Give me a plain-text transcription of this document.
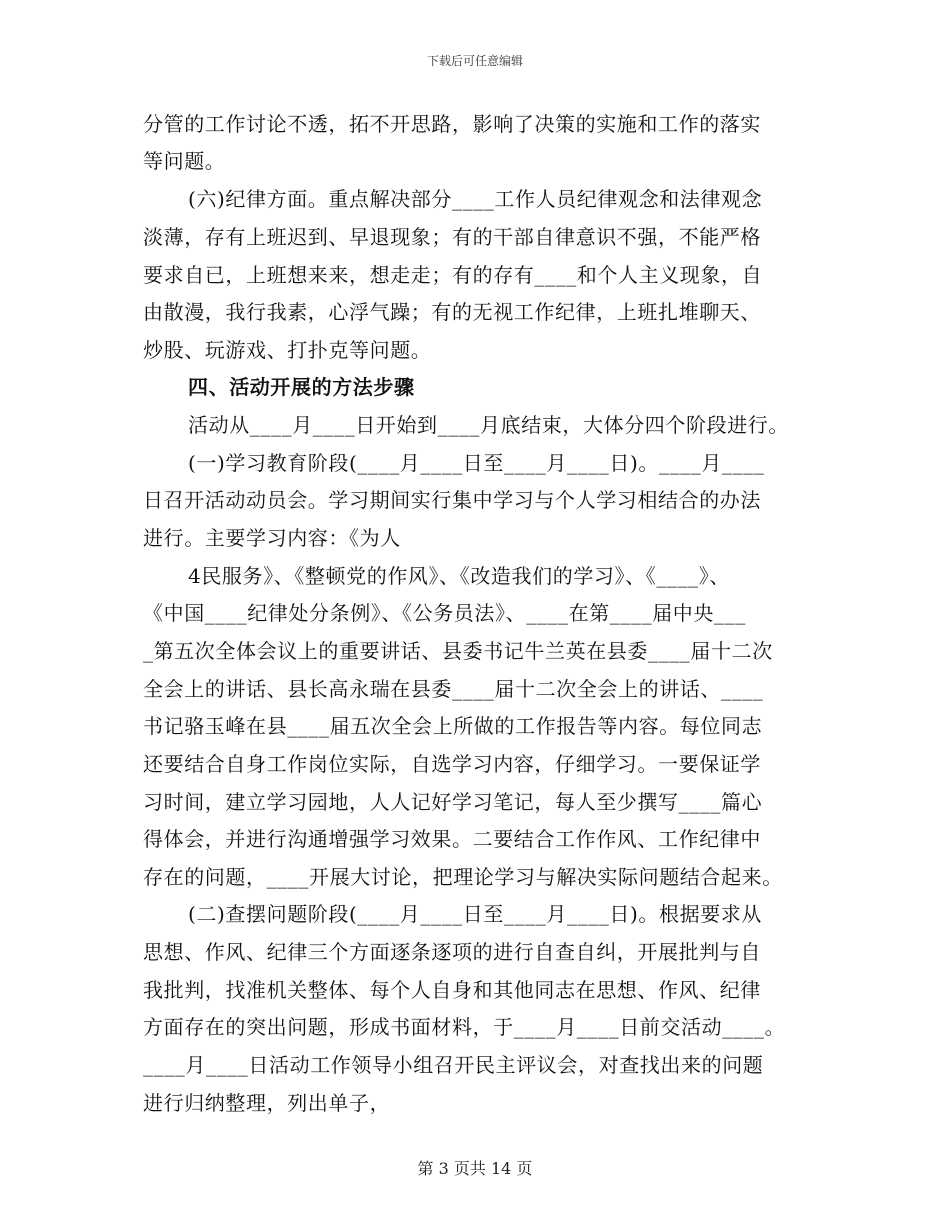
下载后可任意编辑
分管的工作讨论不透，拓不开思路，影响了决策的实施和工作的落实
等问题。
(六)纪律方面。重点解决部分____工作人员纪律观念和法律观念
淡薄，存有上班迟到、早退现象；有的干部自律意识不强，不能严格
要求自已，上班想来来，想走走；有的存有____和个人主义现象，自
由散漫，我行我素，心浮气躁；有的无视工作纪律，上班扎堆聊天、
炒股、玩游戏、打扑克等问题。
四、活动开展的方法步骤
活动从____月____日开始到____月底结束，大体分四个阶段进行。
(一)学习教育阶段(____月____日至____月____日)。____月____
日召开活动动员会。学习期间实行集中学习与个人学习相结合的办法
进行。主要学习内容：《为人
4民服务》、《整顿党的作风》、《改造我们的学习》、《____》、
《中国____纪律处分条例》、《公务员法》、____在第____届中央___
_第五次全体会议上的重要讲话、县委书记牛兰英在县委____届十二次
全会上的讲话、县长高永瑞在县委____届十二次全会上的讲话、____
书记骆玉峰在县____届五次全会上所做的工作报告等内容。每位同志
还要结合自身工作岗位实际，自选学习内容，仔细学习。一要保证学
习时间，建立学习园地，人人记好学习笔记，每人至少撰写____篇心
得体会，并进行沟通增强学习效果。二要结合工作作风、工作纪律中
存在的问题，____开展大讨论，把理论学习与解决实际问题结合起来。
(二)查摆问题阶段(____月____日至____月____日)。根据要求从
思想、作风、纪律三个方面逐条逐项的进行自查自纠，开展批判与自
我批判，找准机关整体、每个人自身和其他同志在思想、作风、纪律
方面存在的突出问题，形成书面材料，于____月____日前交活动____。
____月____日活动工作领导小组召开民主评议会，对查找出来的问题
进行归纳整理，列出单子，
第 3 页共 14 页
